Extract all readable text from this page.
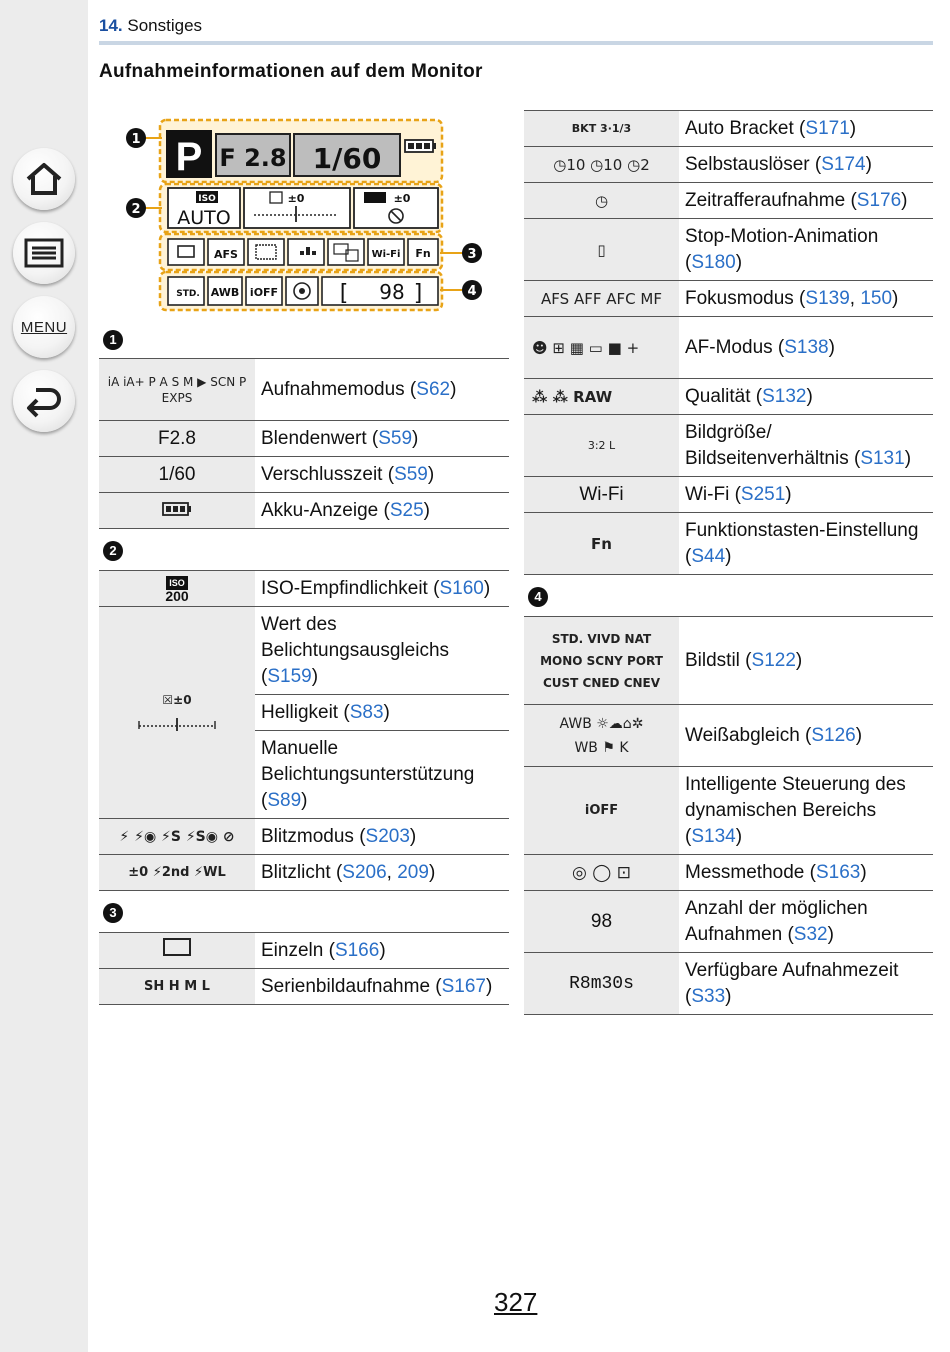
MENU
14. Sonstiges
Aufnahmeinformationen auf dem Monitor
P F 2.8 1/60
ISO
AUTO
±0	±0
AFS	Wi-Fi Fn
STD. AWB iOFF	[	]
98
1
2
3
4
1	
iA iA+ P A S M ▶ SCN P EXPS	Aufnahmemodus (S62)
F2.8	Blendenwert (S59)
1/60	Verschlusszeit (S59)
	Akku-Anzeige (S25)
2	
ISO
200	ISO-Empfindlichkeit (S160)
☒±0	Wert des
Belichtungsausgleichs
(S159)
	Helligkeit (S83)
	Manuelle
Belichtungsunterstützung
(S89)
⚡ ⚡◉ ⚡S ⚡S◉ ⊘	Blitzmodus (S203)
±0 ⚡2nd ⚡WL	Blitzlicht (S206, 209)
3	
	Einzeln (S166)
SH H M L	Serienbildaufnahme (S167)
BKT 3·1/3	Auto Bracket (S171)
◷10 ◷10 ◷2	Selbstauslöser (S174)
◷	Zeitrafferaufnahme (S176)
▯	Stop-Motion-Animation
(S180)
AFS AFF AFC MF	Fokusmodus (S139, 150)
☻ ⊞ ▦ ▭ ■ +	AF-Modus (S138)
⁂ ⁂ RAW	Qualität (S132)
3:2 L	Bildgröße/
Bildseitenverhältnis (S131)
Wi-Fi	Wi-Fi (S251)
Fn	Funktionstasten-Einstellung
(S44)
4	
STD. VIVD NAT
MONO SCNY PORT
CUST CNED CNEV	Bildstil (S122)
AWB ☼☁⌂✲
WB ⚑ K	Weißabgleich (S126)
iOFF	Intelligente Steuerung des
dynamischen Bereichs
(S134)
◎ ◯ ⊡	Messmethode (S163)
98	Anzahl der möglichen
Aufnahmen (S32)
R8m30s	Verfügbare Aufnahmezeit
(S33)
327
